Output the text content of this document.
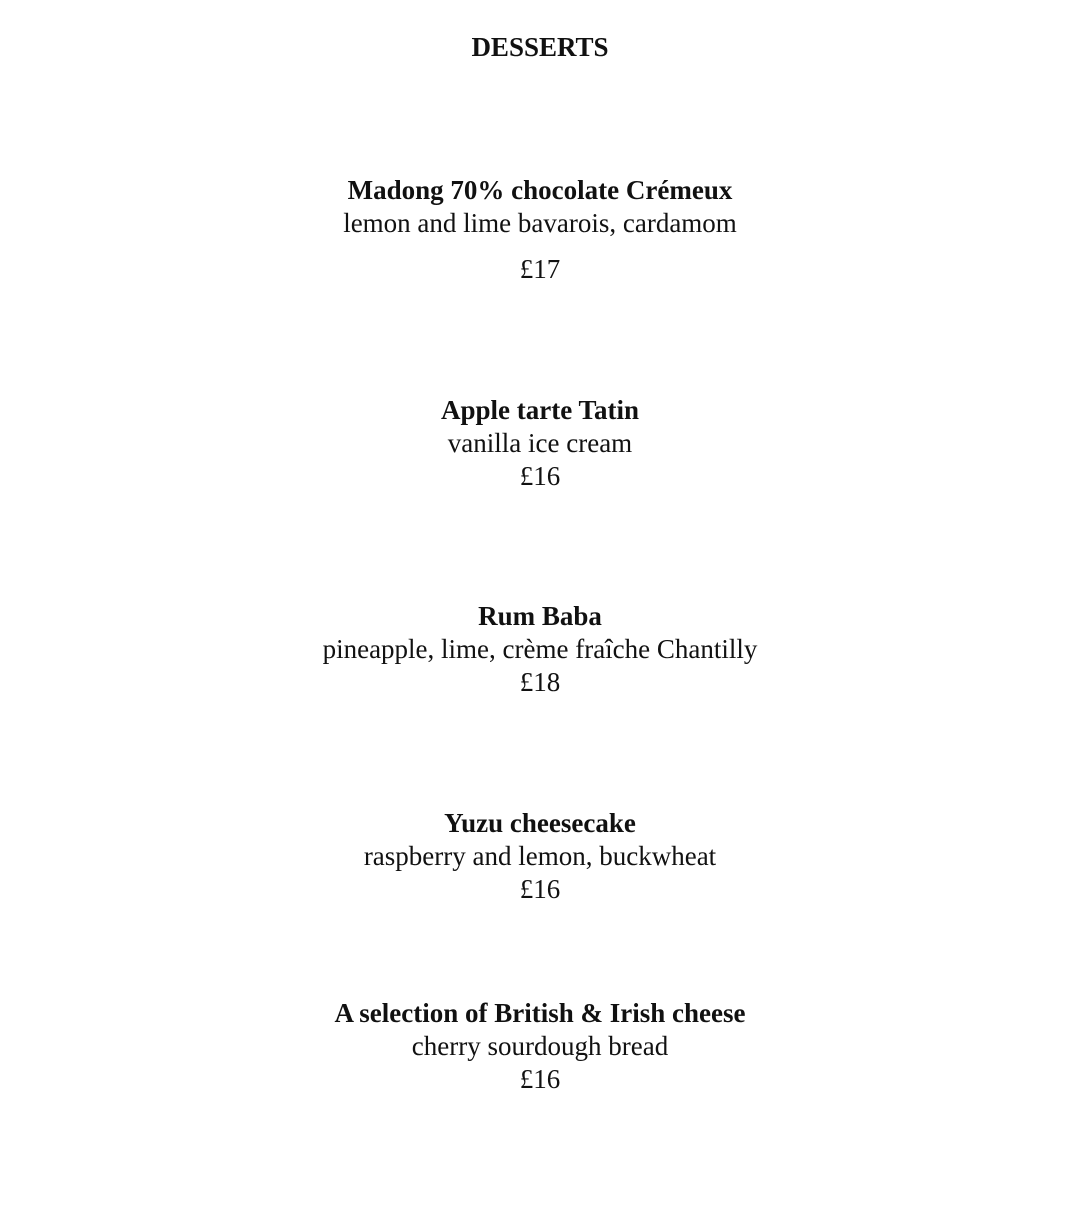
DESSERTS
Madong 70% chocolate Crémeux
lemon and lime bavarois, cardamom
£17
Apple tarte Tatin
vanilla ice cream
£16
Rum Baba
pineapple, lime, crème fraîche Chantilly
£18
Yuzu cheesecake
raspberry and lemon, buckwheat
£16
A selection of British & Irish cheese
cherry sourdough bread
£16
